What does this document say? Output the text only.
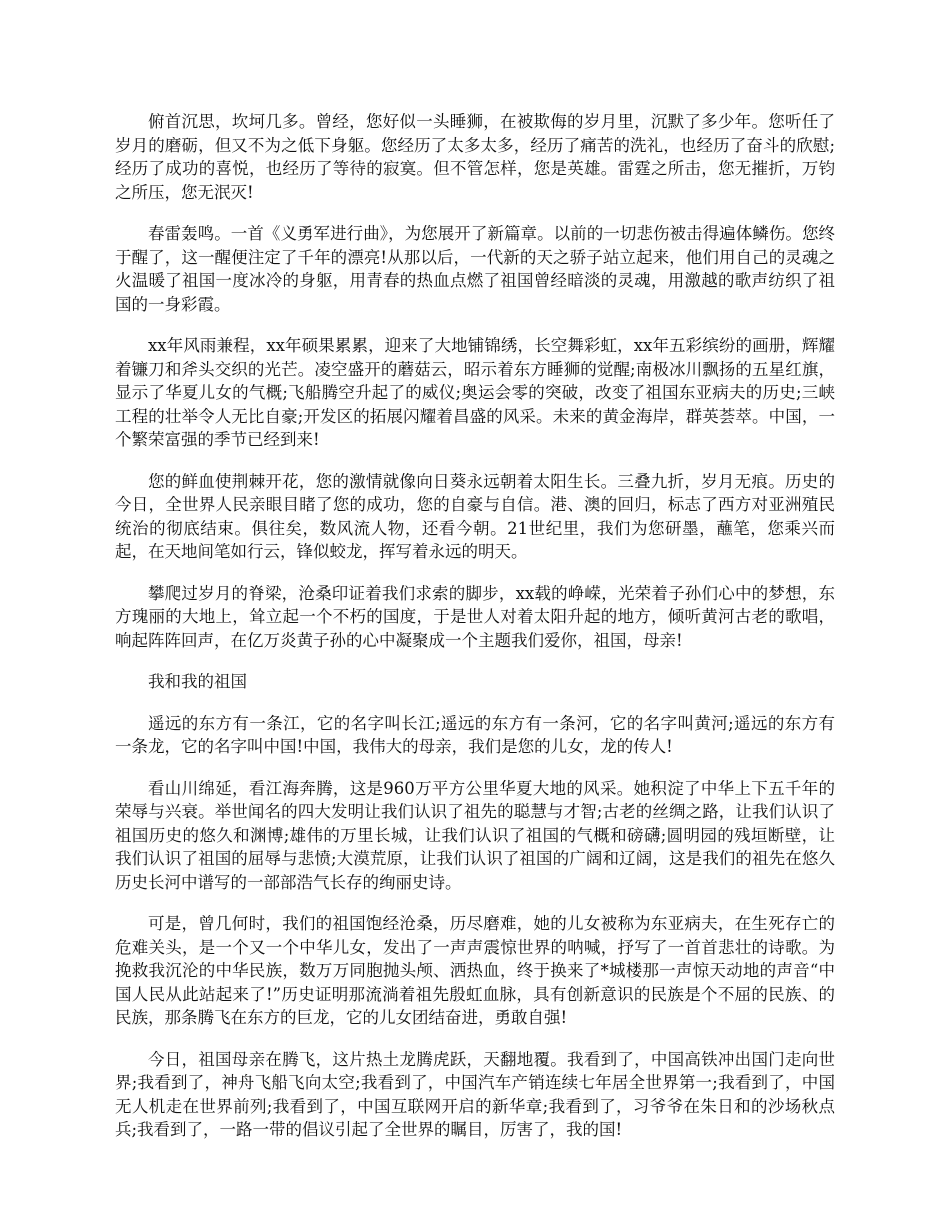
俯首沉思，坎坷几多。曾经，您好似一头睡狮，在被欺侮的岁月里，沉默了多少年。您听任了岁月的磨砺，但又不为之低下身躯。您经历了太多太多，经历了痛苦的洗礼，也经历了奋斗的欣慰;经历了成功的喜悦，也经历了等待的寂寞。但不管怎样，您是英雄。雷霆之所击，您无摧折，万钧之所压，您无泯灭!

春雷轰鸣。一首《义勇军进行曲》，为您展开了新篇章。以前的一切悲伤被击得遍体鳞伤。您终于醒了，这一醒便注定了千年的漂亮!从那以后，一代新的天之骄子站立起来，他们用自己的灵魂之火温暖了祖国一度冰冷的身躯，用青春的热血点燃了祖国曾经暗淡的灵魂，用激越的歌声纺织了祖国的一身彩霞。

xx年风雨兼程，xx年硕果累累，迎来了大地铺锦绣，长空舞彩虹，xx年五彩缤纷的画册，辉耀着镰刀和斧头交织的光芒。凌空盛开的蘑菇云，昭示着东方睡狮的觉醒;南极冰川飘扬的五星红旗，显示了华夏儿女的气概;飞船腾空升起了的威仪;奥运会零的突破，改变了祖国东亚病夫的历史;三峡工程的壮举令人无比自豪;开发区的拓展闪耀着昌盛的风采。未来的黄金海岸，群英荟萃。中国，一个繁荣富强的季节已经到来!

您的鲜血使荆棘开花，您的激情就像向日葵永远朝着太阳生长。三叠九折，岁月无痕。历史的今日，全世界人民亲眼目睹了您的成功，您的自豪与自信。港、澳的回归，标志了西方对亚洲殖民统治的彻底结束。俱往矣，数风流人物，还看今朝。21世纪里，我们为您研墨，蘸笔，您乘兴而起，在天地间笔如行云，锋似蛟龙，挥写着永远的明天。

攀爬过岁月的脊梁，沧桑印证着我们求索的脚步，xx载的峥嵘，光荣着子孙们心中的梦想，东方瑰丽的大地上，耸立起一个不朽的国度，于是世人对着太阳升起的地方，倾听黄河古老的歌唱，响起阵阵回声，在亿万炎黄子孙的心中凝聚成一个主题我们爱你，祖国，母亲!

我和我的祖国

遥远的东方有一条江，它的名字叫长江;遥远的东方有一条河，它的名字叫黄河;遥远的东方有一条龙，它的名字叫中国!中国，我伟大的母亲，我们是您的儿女，龙的传人!

看山川绵延，看江海奔腾，这是960万平方公里华夏大地的风采。她积淀了中华上下五千年的荣辱与兴衰。举世闻名的四大发明让我们认识了祖先的聪慧与才智;古老的丝绸之路，让我们认识了祖国历史的悠久和渊博;雄伟的万里长城，让我们认识了祖国的气概和磅礴;圆明园的残垣断壁，让我们认识了祖国的屈辱与悲愤;大漠荒原，让我们认识了祖国的广阔和辽阔，这是我们的祖先在悠久历史长河中谱写的一部部浩气长存的绚丽史诗。

可是，曾几何时，我们的祖国饱经沧桑，历尽磨难，她的儿女被称为东亚病夫，在生死存亡的危难关头，是一个又一个中华儿女，发出了一声声震惊世界的呐喊，抒写了一首首悲壮的诗歌。为挽救我沉沦的中华民族，数万万同胞抛头颅、洒热血，终于换来了*城楼那一声惊天动地的声音“中国人民从此站起来了!”历史证明那流淌着祖先殷虹血脉，具有创新意识的民族是个不屈的民族、的民族，那条腾飞在东方的巨龙，它的儿女团结奋进，勇敢自强!

今日，祖国母亲在腾飞，这片热土龙腾虎跃，天翻地覆。我看到了，中国高铁冲出国门走向世界;我看到了，神舟飞船飞向太空;我看到了，中国汽车产销连续七年居全世界第一;我看到了，中国无人机走在世界前列;我看到了，中国互联网开启的新华章;我看到了，习爷爷在朱日和的沙场秋点兵;我看到了，一路一带的倡议引起了全世界的瞩目，厉害了，我的国!
